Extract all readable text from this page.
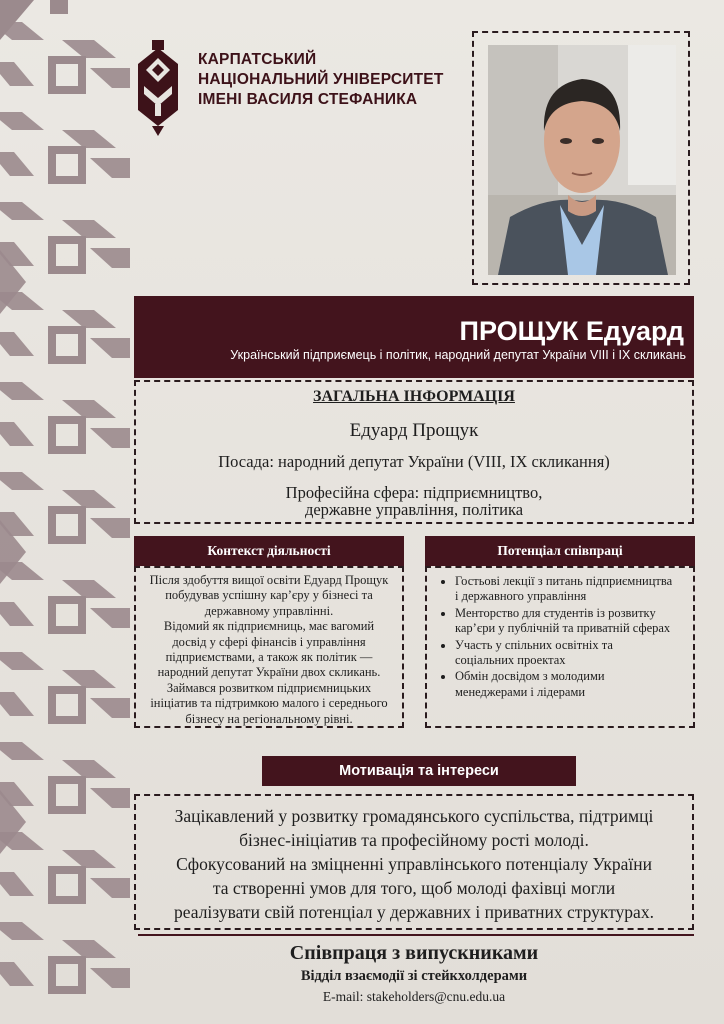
КАРПАТСЬКИЙ
НАЦІОНАЛЬНИЙ УНІВЕРСИТЕТ
ІМЕНІ ВАСИЛЯ СТЕФАНИКА
ПРОЩУК Едуард

Український підприємець і політик, народний депутат України VIII і IX скликань

ЗАГАЛЬНА ІНФОРМАЦІЯ

Едуард Прощук

Посада: народний депутат України (VIII, IX скликання)

Професійна сфера: підприємництво,
державне управління, політика

Контекст діяльності

Після здобуття вищої освіти Едуард Прощук
побудував успішну кар’єру у бізнесі та
державному управлінні.
Відомий як підприємниць, має вагомий
досвід у сфері фінансів і управління
підприємствами, а також як політик —
народний депутат України двох скликань.
Займався розвитком підприємницьких
ініціатив та підтримкою малого і середнього
бізнесу на регіональному рівні.

Потенціал співпраці
• Гостьові лекції з питань підприємництва
і державного управління
• Менторство для студентів із розвитку
кар’єри у публічній та приватній сферах
• Участь у спільних освітніх та
соціальних проектах
• Обмін досвідом з молодими
менеджерами і лідерами
Мотивація та інтереси
Зацікавлений у розвитку громадянського суспільства, підтримці
бізнес-ініціатив та професійному рості молоді.
Сфокусований на зміцненні управлінського потенціалу України
та створенні умов для того, щоб молоді фахівці могли
реалізувати свій потенціал у державних і приватних структурах.

Співпраця з випускниками

Відділ взаємодії зі стейкхолдерами

E-mail: stakeholders@cnu.edu.ua
